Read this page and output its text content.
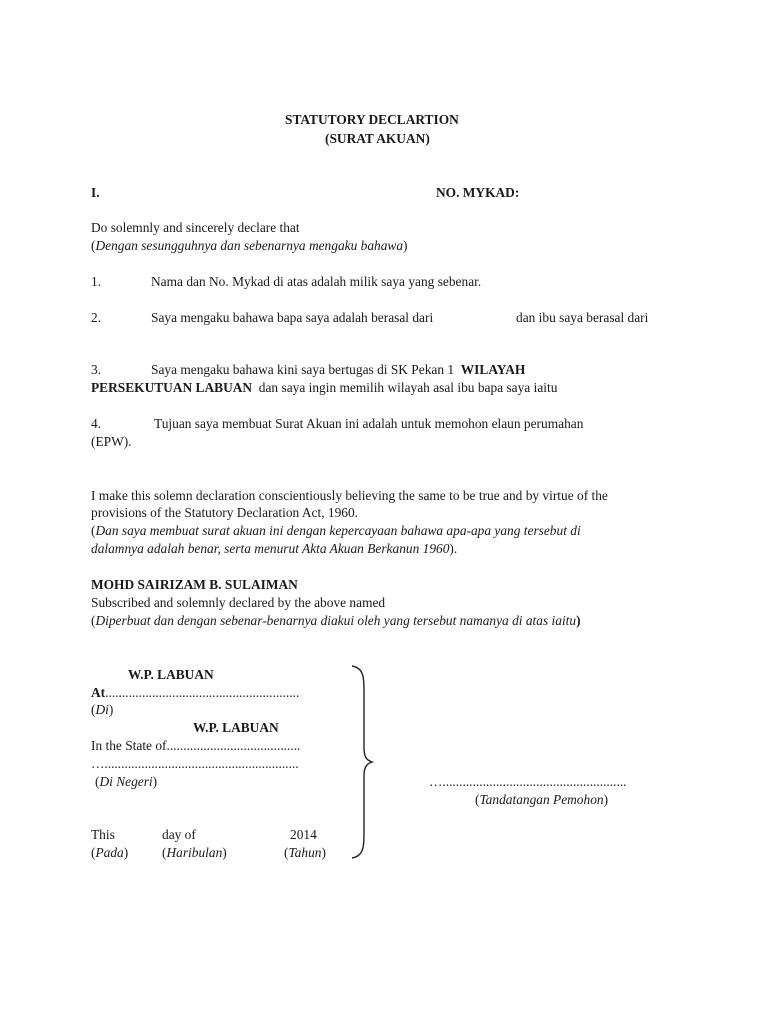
STATUTORY DECLARTION
(SURAT AKUAN)
I.	NO. MYKAD:
Do solemnly and sincerely declare that
(Dengan sesungguhnya dan sebenarnya mengaku bahawa)
1.	Nama dan No. Mykad di atas adalah milik saya yang sebenar.
2.	Saya mengaku bahawa bapa saya adalah berasal dari	dan ibu saya berasal dari
3.	Saya mengaku bahawa kini saya bertugas di SK Pekan 1 WILAYAH
PERSEKUTUAN LABUAN dan saya ingin memilih wilayah asal ibu bapa saya iaitu
4.	Tujuan saya membuat Surat Akuan ini adalah untuk memohon elaun perumahan
(EPW).
I make this solemn declaration conscientiously believing the same to be true and by virtue of the
provisions of the Statutory Declaration Act, 1960.
(Dan saya membuat surat akuan ini dengan kepercayaan bahawa apa-apa yang tersebut di
dalamnya adalah benar, serta menurut Akta Akuan Berkanun 1960).
MOHD SAIRIZAM B. SULAIMAN
Subscribed and solemnly declared by the above named
(Diperbuat dan dengan sebenar-benarnya diakui oleh yang tersebut namanya di atas iaitu)
W.P. LABUAN
At..........................................................
(Di)
W.P. LABUAN
In the State of........................................
…..........................................................
(Di Negeri)
This	day of	2014
(Pada)	(Haribulan)	(Tahun)
….......................................................
(Tandatangan Pemohon)
